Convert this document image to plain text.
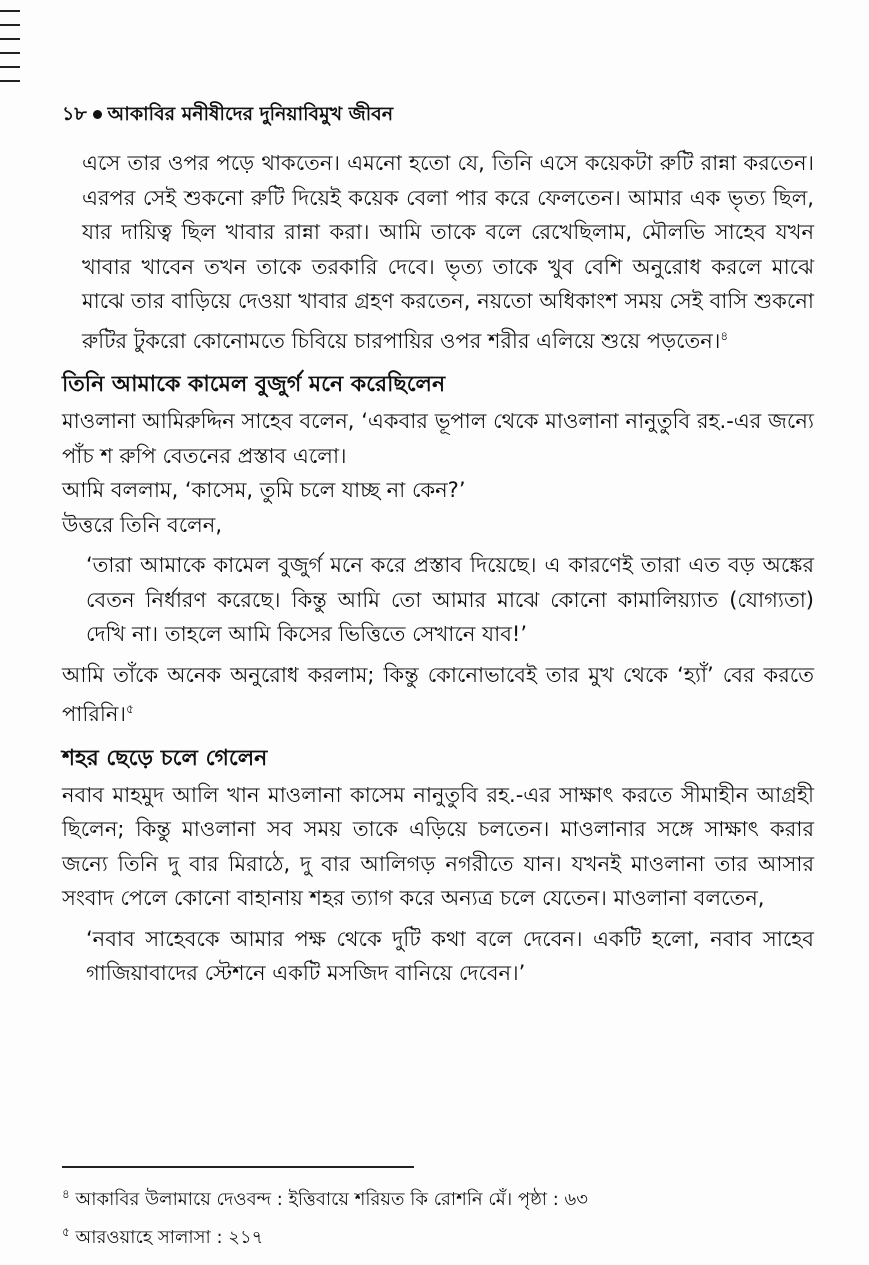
১৮ আকাবির মনীষীদের দুনিয়াবিমুখ জীবন

এসে তার ওপর পড়ে থাকতেন। এমনো হতো যে, তিনি এসে কয়েকটা রুটি রান্না করতেন। এরপর সেই শুকনো রুটি দিয়েই কয়েক বেলা পার করে ফেলতেন। আমার এক ভৃত্য ছিল, যার দায়িত্ব ছিল খাবার রান্না করা। আমি তাকে বলে রেখেছিলাম, মৌলভি সাহেব যখন খাবার খাবেন তখন তাকে তরকারি দেবে। ভৃত্য তাকে খুব বেশি অনুরোধ করলে মাঝে মাঝে তার বাড়িয়ে দেওয়া খাবার গ্রহণ করতেন, নয়তো অধিকাংশ সময় সেই বাসি শুকনো রুটির টুকরো কোনোমতে চিবিয়ে চারপায়ির ওপর শরীর এলিয়ে শুয়ে পড়তেন।$^৪$

তিনি আমাকে কামেল বুজুর্গ মনে করেছিলেন

মাওলানা আমিরুদ্দিন সাহেব বলেন, ‘একবার ভূপাল থেকে মাওলানা নানুতুবি রহ.-এর জন্যে পাঁচ শ রুপি বেতনের প্রস্তাব এলো।

আমি বললাম, ‘কাসেম, তুমি চলে যাচ্ছ না কেন?’

উত্তরে তিনি বলেন,

‘তারা আমাকে কামেল বুজুর্গ মনে করে প্রস্তাব দিয়েছে। এ কারণেই তারা এত বড় অঙ্কের বেতন নির্ধারণ করেছে। কিন্তু আমি তো আমার মাঝে কোনো কামালিয়্যাত (যোগ্যতা) দেখি না। তাহলে আমি কিসের ভিত্তিতে সেখানে যাব!’

আমি তাঁকে অনেক অনুরোধ করলাম; কিন্তু কোনোভাবেই তার মুখ থেকে ‘হ্যাঁ’ বের করতে পারিনি।$^৫$

শহর ছেড়ে চলে গেলেন

নবাব মাহমুদ আলি খান মাওলানা কাসেম নানুতুবি রহ.-এর সাক্ষাৎ করতে সীমাহীন আগ্রহী ছিলেন; কিন্তু মাওলানা সব সময় তাকে এড়িয়ে চলতেন। মাওলানার সঙ্গে সাক্ষাৎ করার জন্যে তিনি দু বার মিরাঠে, দু বার আলিগড় নগরীতে যান। যখনই মাওলানা তার আসার সংবাদ পেলে কোনো বাহানায় শহর ত্যাগ করে অন্যত্র চলে যেতেন। মাওলানা বলতেন,

‘নবাব সাহেবকে আমার পক্ষ থেকে দুটি কথা বলে দেবেন। একটি হলো, নবাব সাহেব গাজিয়াবাদের স্টেশনে একটি মসজিদ বানিয়ে দেবেন।’

$^৪$ আকাবির উলামায়ে দেওবন্দ : ইত্তিবায়ে শরিয়ত কি রোশনি মেঁ। পৃষ্ঠা : ৬৩
$^৫$ আরওয়াহে সালাসা : ২১৭
